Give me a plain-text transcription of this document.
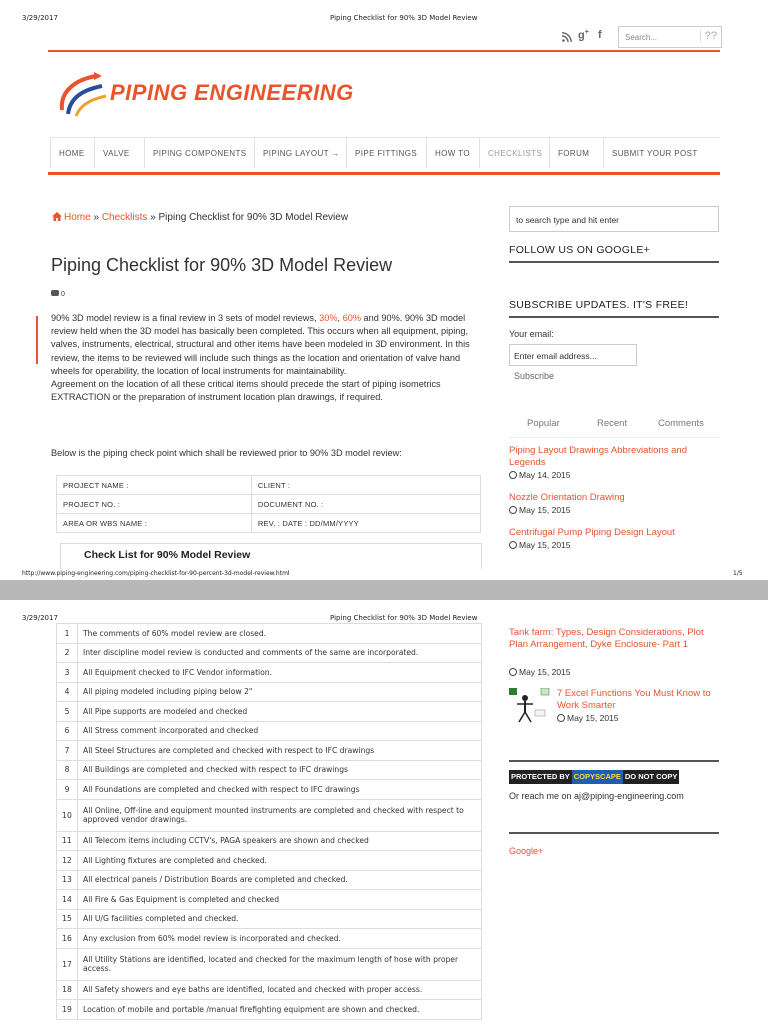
3/29/2017	Piping Checklist for 90% 3D Model Review
g+ f	Search...	??
PIPING ENGINEERING
HOME	VALVE	PIPING COMPONENTS	PIPING LAYOUT →	PIPE FITTINGS	HOW TO	CHECKLISTS	FORUM	SUBMIT YOUR POST
Home » Checklists » Piping Checklist for 90% 3D Model Review
Piping Checklist for 90% 3D Model Review
0
90% 3D model review is a final review in 3 sets of model reviews, 30%, 60% and 90%. 90% 3D model review held when the 3D model has basically been completed. This occurs when all equipment, piping, valves, instruments, electrical, structural and other items have been modeled in 3D environment. In this review, the items to be reviewed will include such things as the location and orientation of valve hand wheels for operability, the location of local instruments for maintainability.
Agreement on the location of all these critical items should precede the start of piping isometrics EXTRACTION or the preparation of instrument location plan drawings, if required.
Below is the piping check point which shall be reviewed prior to 90% 3D model review:
PROJECT NAME :	CLIENT :
PROJECT NO. :	DOCUMENT NO. :
AREA OR WBS NAME :	REV. : DATE : DD/MM/YYYY
Check List for 90% Model Review
to search type and hit enter
FOLLOW US ON GOOGLE+
SUBSCRIBE UPDATES. IT'S FREE!
Your email:
Enter email address...
Subscribe
Popular	Recent	Comments
Piping Layout Drawings Abbreviations and Legends
May 14, 2015
Nozzle Orientation Drawing
May 15, 2015
Centrifugal Pump Piping Design Layout
May 15, 2015
http://www.piping-engineering.com/piping-checklist-for-90-percent-3d-model-review.html	1/5
3/29/2017	Piping Checklist for 90% 3D Model Review
1	The comments of 60% model review are closed.
2	Inter discipline model review is conducted and comments of the same are incorporated.
3	All Equipment checked to IFC Vendor information.
4	All piping modeled including piping below 2"
5	All Pipe supports are modeled and checked
6	All Stress comment incorporated and checked
7	All Steel Structures are completed and checked with respect to IFC drawings
8	All Buildings are completed and checked with respect to IFC drawings
9	All Foundations are completed and checked with respect to IFC drawings
10	All Online, Off-line and equipment mounted instruments are completed and checked with respect to approved vendor drawings.
11	All Telecom items including CCTV's, PAGA speakers are shown and checked
12	All Lighting fixtures are completed and checked.
13	All electrical panels / Distribution Boards are completed and checked.
14	All Fire & Gas Equipment is completed and checked
15	All U/G facilities completed and checked.
16	Any exclusion from 60% model review is incorporated and checked.
17	All Utility Stations are identified, located and checked for the maximum length of hose with proper access.
18	All Safety showers and eye baths are identified, located and checked with proper access.
19	Location of mobile and portable /manual firefighting equipment are shown and checked.
Tank farm: Types, Design Considerations, Plot Plan Arrangement, Dyke Enclosure- Part 1
May 15, 2015
7 Excel Functions You Must Know to Work Smarter
May 15, 2015
PROTECTED BY COPYSCAPE DO NOT COPY
Or reach me on aj@piping-engineering.com
Google+
